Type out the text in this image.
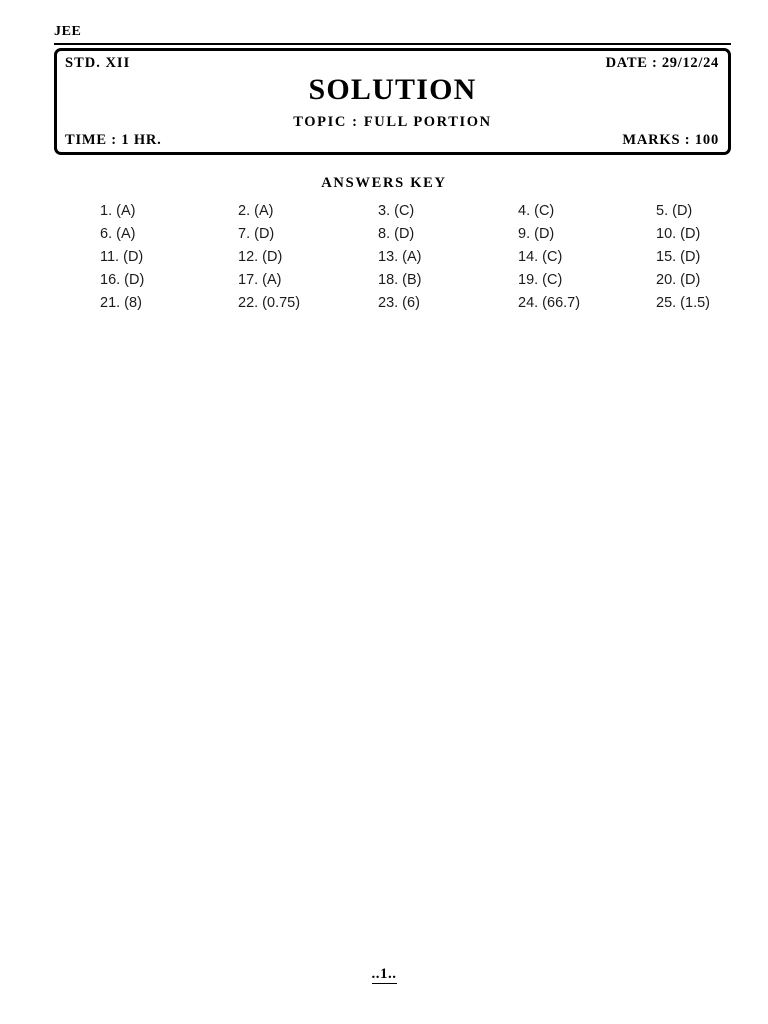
JEE
STD. XII	DATE : 29/12/24
SOLUTION
TOPIC : FULL PORTION
TIME : 1 HR.	MARKS : 100
ANSWERS KEY
1. (A)	2. (A)	3. (C)	4. (C)	5. (D)
6. (A)	7. (D)	8. (D)	9. (D)	10. (D)
11. (D)	12. (D)	13. (A)	14. (C)	15. (D)
16. (D)	17. (A)	18. (B)	19. (C)	20. (D)
21. (8)	22. (0.75)	23. (6)	24. (66.7)	25. (1.5)
..1..
